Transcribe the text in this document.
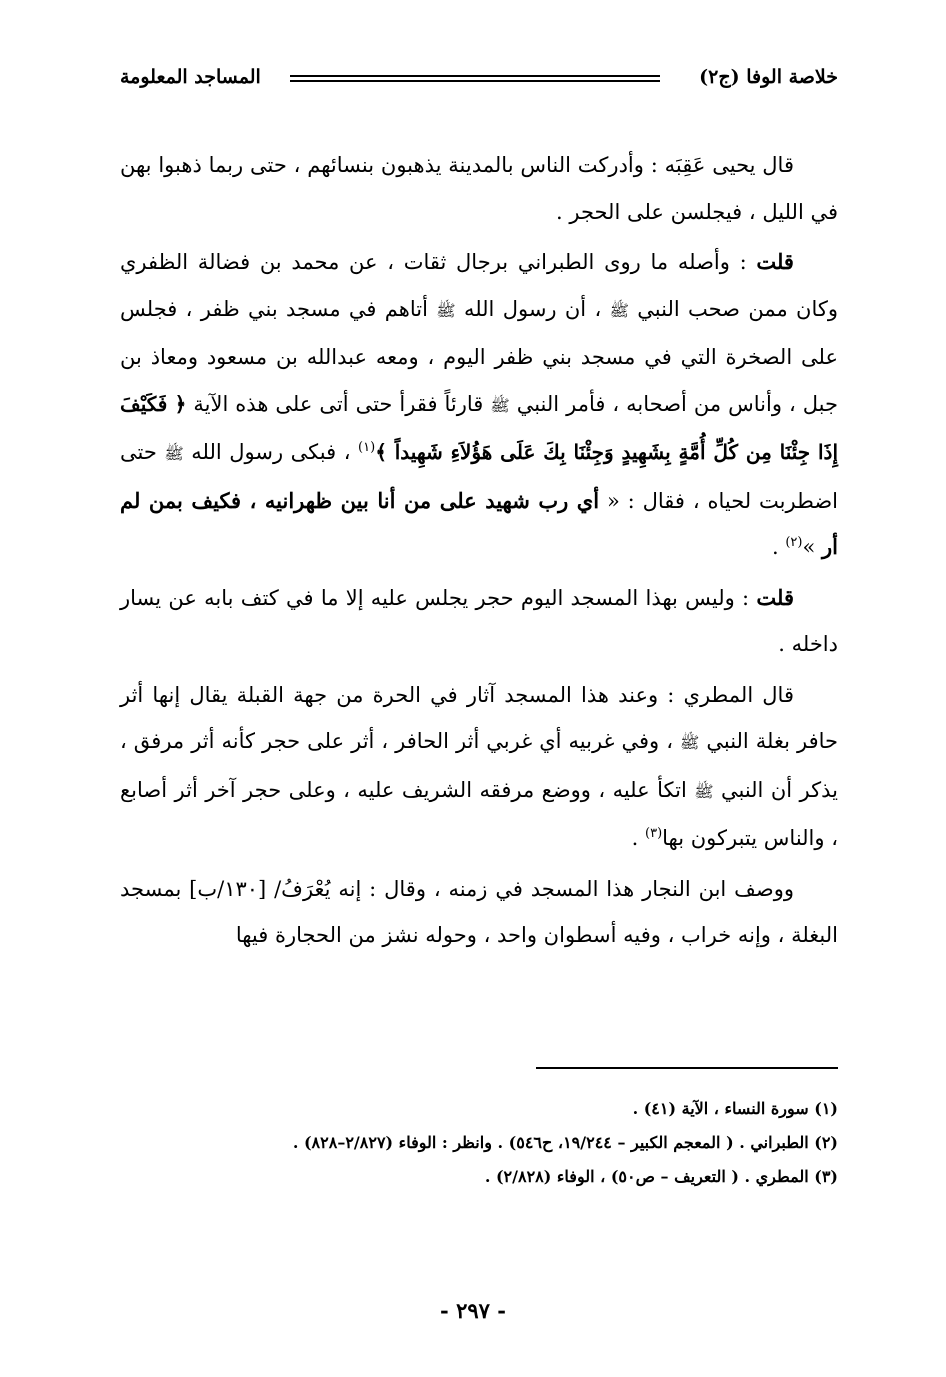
خلاصة الوفا (ج٢)
المساجد المعلومة

قال يحيى عَقِبَه : وأدركت الناس بالمدينة يذهبون بنسائهم ، حتى ربما ذهبوا بهن في الليل ، فيجلسن على الحجر .

قلت : وأصله ما روى الطبراني برجال ثقات ، عن محمد بن فضالة الظفري وكان ممن صحب النبي ﷺ ، أن رسول الله ﷺ أتاهم في مسجد بني ظفر ، فجلس على الصخرة التي في مسجد بني ظفر اليوم ، ومعه عبدالله بن مسعود ومعاذ بن جبل ، وأناس من أصحابه ، فأمر النبي ﷺ قارئاً فقرأ حتى أتى على هذه الآية ﴿ فَكَيْفَ إِذَا جِئْنَا مِن كُلِّ أُمَّةٍ بِشَهِيدٍ وَجِئْنَا بِكَ عَلَى هَؤُلاَءِ شَهِيداً ﴾$^{(١)}$ ، فبكى رسول الله ﷺ حتى اضطربت لحياه ، فقال : « أي رب شهيد على من أنا بين ظهرانيه ، فكيف بمن لم أر »$^{(٢)}$ .

قلت : وليس بهذا المسجد اليوم حجر يجلس عليه إلا ما في كتف بابه عن يسار داخله .

قال المطري : وعند هذا المسجد آثار في الحرة من جهة القبلة يقال إنها أثر حافر بغلة النبي ﷺ ، وفي غربيه أي غربي أثر الحافر ، أثر على حجر كأنه أثر مرفق ، يذكر أن النبي ﷺ اتكأ عليه ، ووضع مرفقه الشريف عليه ، وعلى حجر آخر أثر أصابع ، والناس يتبركون بها$^{(٣)}$ .

ووصف ابن النجار هذا المسجد في زمنه ، وقال : إنه يُعْرَفُ/ [١٣٠/ب] بمسجد البغلة ، وإنه خراب ، وفيه أسطوان واحد ، وحوله نشز من الحجارة فيها

(١) سورة النساء ، الآية (٤١) .

(٢) الطبراني . ( المعجم الكبير – ١٩/٢٤٤، ح٥٤٦) . وانظر : الوفاء (٢/٨٢٧–٨٢٨) .

(٣) المطري . ( التعريف – ص٥٠) ، الوفاء (٢/٨٢٨) .

- ٢٩٧ -
